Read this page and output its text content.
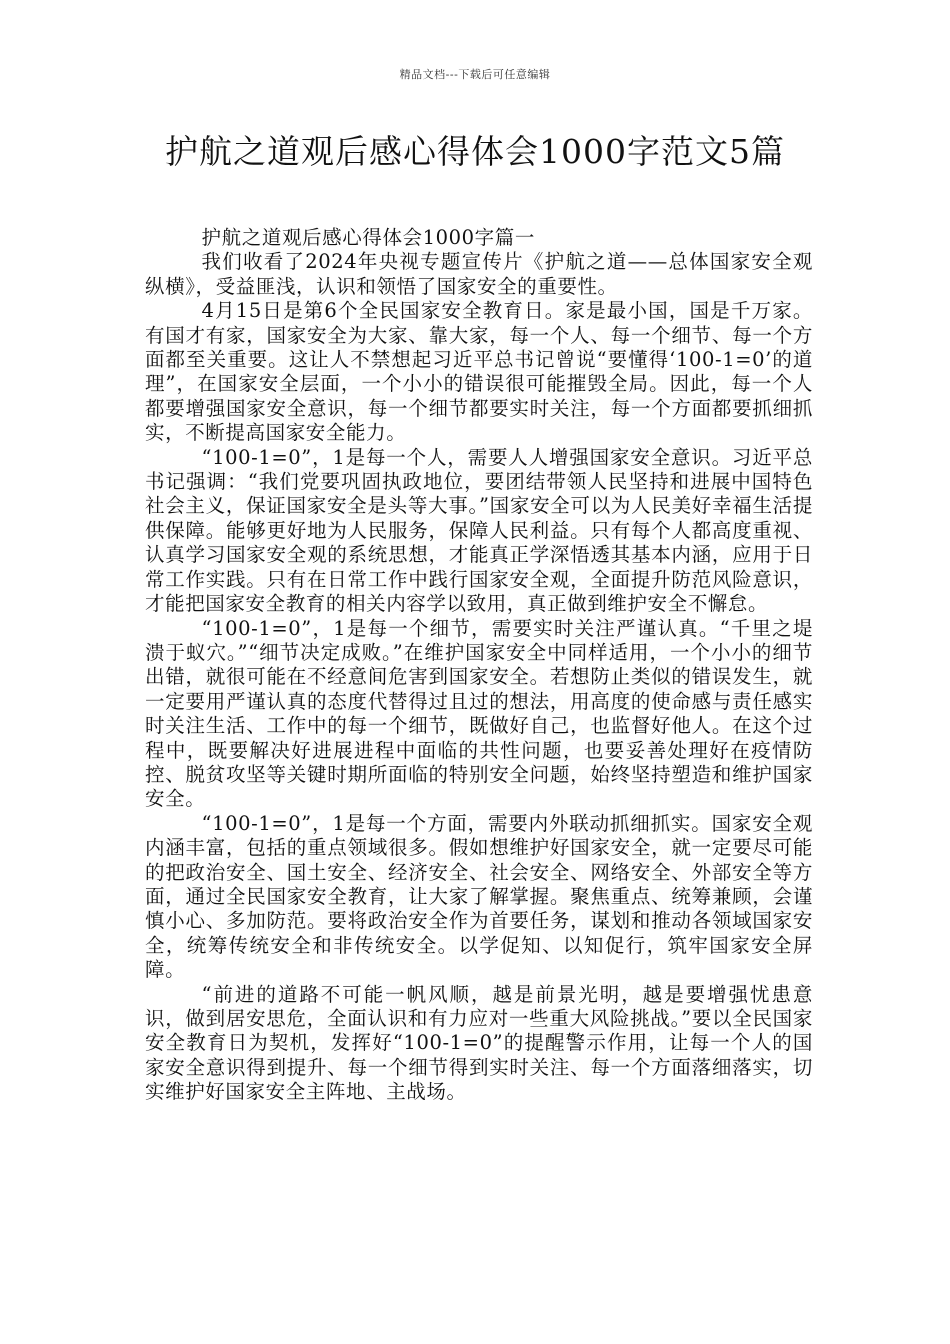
精品文档---下载后可任意编辑
护航之道观后感心得体会1000字范文5篇

护航之道观后感心得体会1000字篇一

我们收看了2024年央视专题宣传片《护航之道——总体国家安全观纵横》，受益匪浅，认识和领悟了国家安全的重要性。

4月15日是第6个全民国家安全教育日。家是最小国，国是千万家。有国才有家，国家安全为大家、靠大家，每一个人、每一个细节、每一个方面都至关重要。这让人不禁想起习近平总书记曾说“要懂得‘100-1=0’的道理”，在国家安全层面，一个小小的错误很可能摧毁全局。因此，每一个人都要增强国家安全意识，每一个细节都要实时关注，每一个方面都要抓细抓实，不断提高国家安全能力。

“100-1=0”，1是每一个人，需要人人增强国家安全意识。习近平总书记强调：“我们党要巩固执政地位，要团结带领人民坚持和进展中国特色社会主义，保证国家安全是头等大事。”国家安全可以为人民美好幸福生活提供保障。能够更好地为人民服务，保障人民利益。只有每个人都高度重视、认真学习国家安全观的系统思想，才能真正学深悟透其基本内涵，应用于日常工作实践。只有在日常工作中践行国家安全观，全面提升防范风险意识，才能把国家安全教育的相关内容学以致用，真正做到维护安全不懈怠。

“100-1=0”，1是每一个细节，需要实时关注严谨认真。“千里之堤溃于蚁穴。”“细节决定成败。”在维护国家安全中同样适用，一个小小的细节出错，就很可能在不经意间危害到国家安全。若想防止类似的错误发生，就一定要用严谨认真的态度代替得过且过的想法，用高度的使命感与责任感实时关注生活、工作中的每一个细节，既做好自己，也监督好他人。在这个过程中，既要解决好进展进程中面临的共性问题，也要妥善处理好在疫情防控、脱贫攻坚等关键时期所面临的特别安全问题，始终坚持塑造和维护国家安全。

“100-1=0”，1是每一个方面，需要内外联动抓细抓实。国家安全观内涵丰富，包括的重点领域很多。假如想维护好国家安全，就一定要尽可能的把政治安全、国土安全、经济安全、社会安全、网络安全、外部安全等方面，通过全民国家安全教育，让大家了解掌握。聚焦重点、统筹兼顾，会谨慎小心、多加防范。要将政治安全作为首要任务，谋划和推动各领域国家安全，统筹传统安全和非传统安全。以学促知、以知促行，筑牢国家安全屏障。

“前进的道路不可能一帆风顺，越是前景光明，越是要增强忧患意识，做到居安思危，全面认识和有力应对一些重大风险挑战。”要以全民国家安全教育日为契机，发挥好“100-1=0”的提醒警示作用，让每一个人的国家安全意识得到提升、每一个细节得到实时关注、每一个方面落细落实，切实维护好国家安全主阵地、主战场。
